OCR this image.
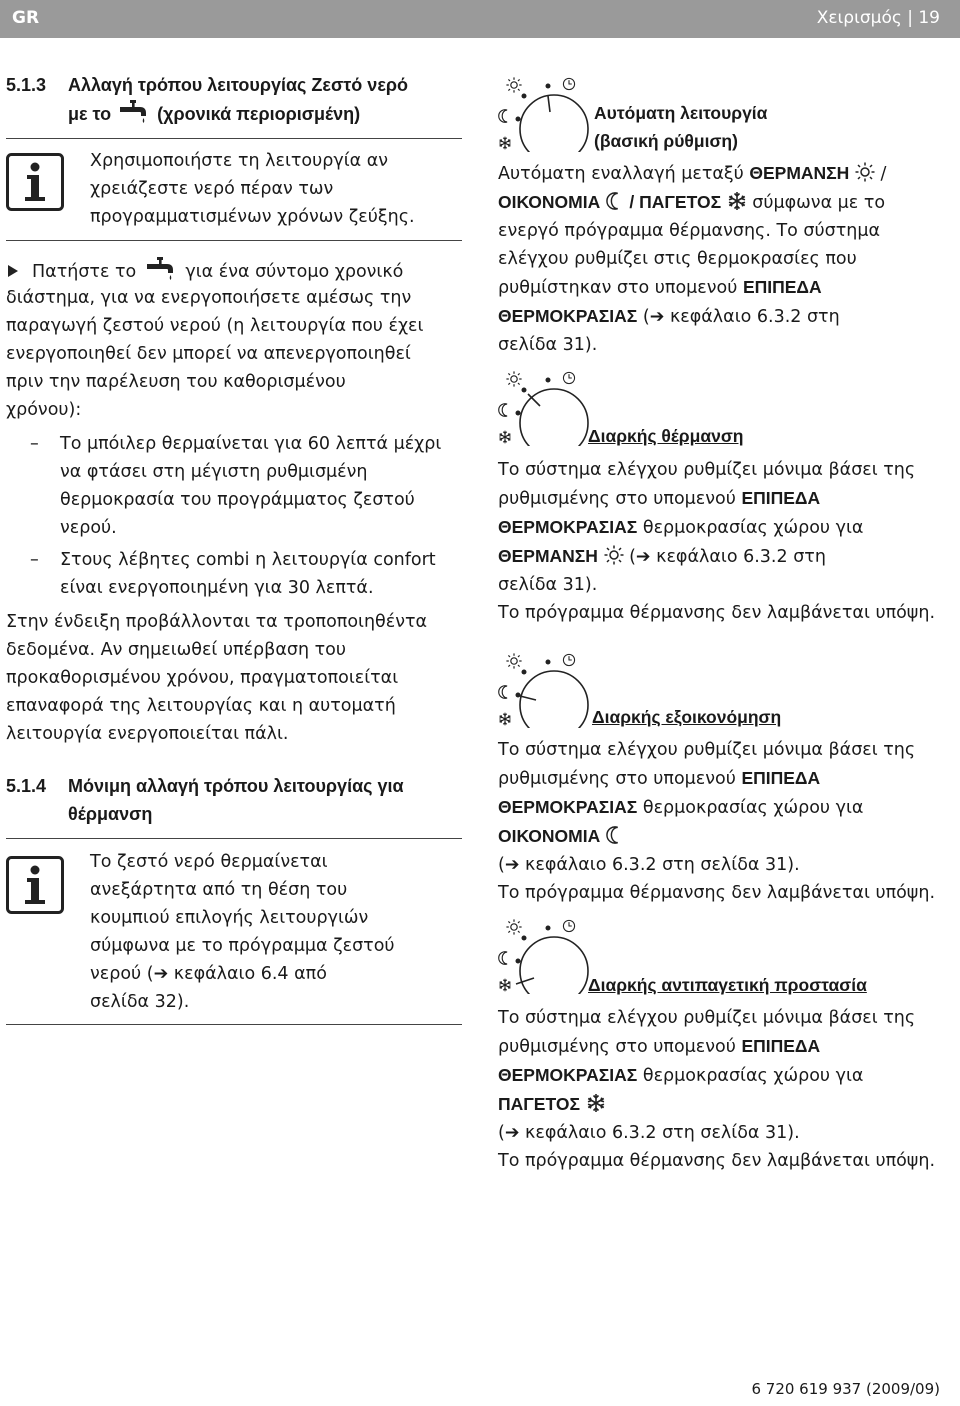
GR	Χειρισμός | 19
5.1.3 Αλλαγή τρόπου λειτουργίας Ζεστό νερό
με το	(χρονικά περιορισμένη)
Χρησιμοποιήστε τη λειτουργία αν
χρειάζεστε νερό πέραν των
προγραμματισμένων χρόνων ζεύξης.
Πατήστε το	για ένα σύντομο χρονικό
διάστημα, για να ενεργοποιήσετε αμέσως την
παραγωγή ζεστού νερού (η λειτουργία που έχει
ενεργοποιηθεί δεν μπορεί να απενεργοποιηθεί
πριν την παρέλευση του καθορισμένου
χρόνου):
– Το μπόιλερ θερμαίνεται για 60 λεπτά μέχρι
να φτάσει στη μέγιστη ρυθμισμένη
θερμοκρασία του προγράμματος ζεστού
νερού.
– Στους λέβητες combi η λειτουργία confort
είναι ενεργοποιημένη για 30 λεπτά.
Στην ένδειξη προβάλλονται τα τροποποιηθέντα
δεδομένα. Αν σημειωθεί υπέρβαση του
προκαθορισμένου χρόνου, πραγματοποιείται
επαναφορά της λειτουργίας και η αυτοματή
λειτουργία ενεργοποιείται πάλι.
5.1.4 Μόνιμη αλλαγή τρόπου λειτουργίας για
θέρμανση
Το ζεστό νερό θερμαίνεται
ανεξάρτητα από τη θέση του
κουμπιού επιλογής λειτουργιών
σύμφωνα με το πρόγραμμα ζεστού
νερού (➔ κεφάλαιο 6.4 από
σελίδα 32).
Αυτόματη λειτουργία
(βασική ρύθμιση)
Αυτόματη εναλλαγή μεταξύ ΘΕΡΜΑΝΣΗ /
ΟΙΚΟΝΟΜΙΑ / ΠΑΓΕΤΟΣ σύμφωνα με το
ενεργό πρόγραμμα θέρμανσης. Το σύστημα
ελέγχου ρυθμίζει στις θερμοκρασίες που
ρυθμίστηκαν στο υπομενού ΕΠΙΠΕΔΑ
ΘΕΡΜΟΚΡΑΣΙΑΣ (➔ κεφάλαιο 6.3.2 στη
σελίδα 31).
Διαρκής θέρμανση
Το σύστημα ελέγχου ρυθμίζει μόνιμα βάσει της
ρυθμισμένης στο υπομενού ΕΠΙΠΕΔΑ
ΘΕΡΜΟΚΡΑΣΙΑΣ θερμοκρασίας χώρου για
ΘΕΡΜΑΝΣΗ (➔ κεφάλαιο 6.3.2 στη
σελίδα 31).
Το πρόγραμμα θέρμανσης δεν λαμβάνεται υπόψη.
Διαρκής εξοικονόμηση
Το σύστημα ελέγχου ρυθμίζει μόνιμα βάσει της
ρυθμισμένης στο υπομενού ΕΠΙΠΕΔΑ
ΘΕΡΜΟΚΡΑΣΙΑΣ θερμοκρασίας χώρου για
ΟΙΚΟΝΟΜΙΑ
(➔ κεφάλαιο 6.3.2 στη σελίδα 31).
Το πρόγραμμα θέρμανσης δεν λαμβάνεται υπόψη.
Διαρκής αντιπαγετική προστασία
Το σύστημα ελέγχου ρυθμίζει μόνιμα βάσει της
ρυθμισμένης στο υπομενού ΕΠΙΠΕΔΑ
ΘΕΡΜΟΚΡΑΣΙΑΣ θερμοκρασίας χώρου για
ΠΑΓΕΤΟΣ
(➔ κεφάλαιο 6.3.2 στη σελίδα 31).
Το πρόγραμμα θέρμανσης δεν λαμβάνεται υπόψη.
6 720 619 937 (2009/09)
